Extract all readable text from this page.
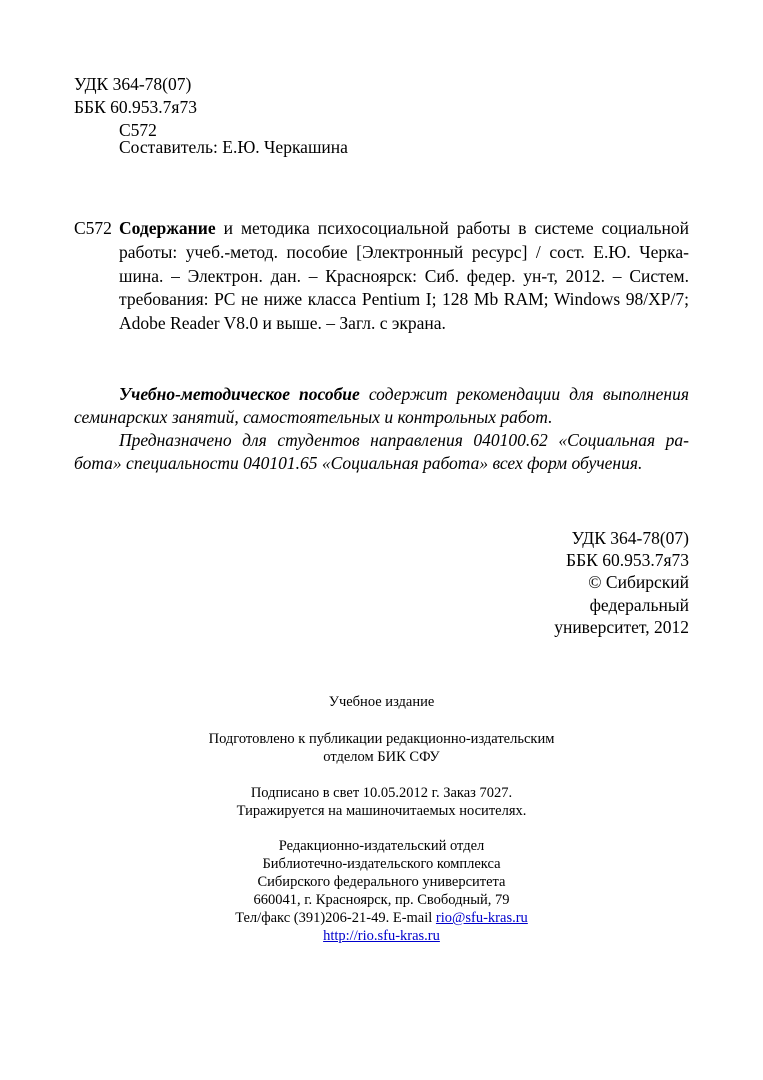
УДК 364-78(07)
ББК 60.953.7я73
С572
Составитель: Е.Ю. Черкашина
С572 Содержание и методика психосоциальной работы в системе социальной
работы: учеб.-метод. пособие [Электронный ресурс] / сост. Е.Ю. Черка-
шина. – Электрон. дан. – Красноярск: Сиб. федер. ун-т, 2012. – Систем.
требования: PC не ниже класса Pentium I; 128 Mb RAM; Windows 98/XP/7;
Adobe Reader V8.0 и выше. – Загл. с экрана.
Учебно-методическое пособие содержит рекомендации для выполнения
семинарских занятий, самостоятельных и контрольных работ.
Предназначено для студентов направления 040100.62 «Социальная ра-
бота» специальности 040101.65 «Социальная работа» всех форм обучения.
УДК 364-78(07)
ББК 60.953.7я73
© Сибирский
федеральный
университет, 2012
Учебное издание
Подготовлено к публикации редакционно-издательским
отделом БИК СФУ
Подписано в свет 10.05.2012 г. Заказ 7027.
Тиражируется на машиночитаемых носителях.
Редакционно-издательский отдел
Библиотечно-издательского комплекса
Сибирского федерального университета
660041, г. Красноярск, пр. Свободный, 79
Тел/факс (391)206-21-49. E-mail rio@sfu-kras.ru
http://rio.sfu-kras.ru
